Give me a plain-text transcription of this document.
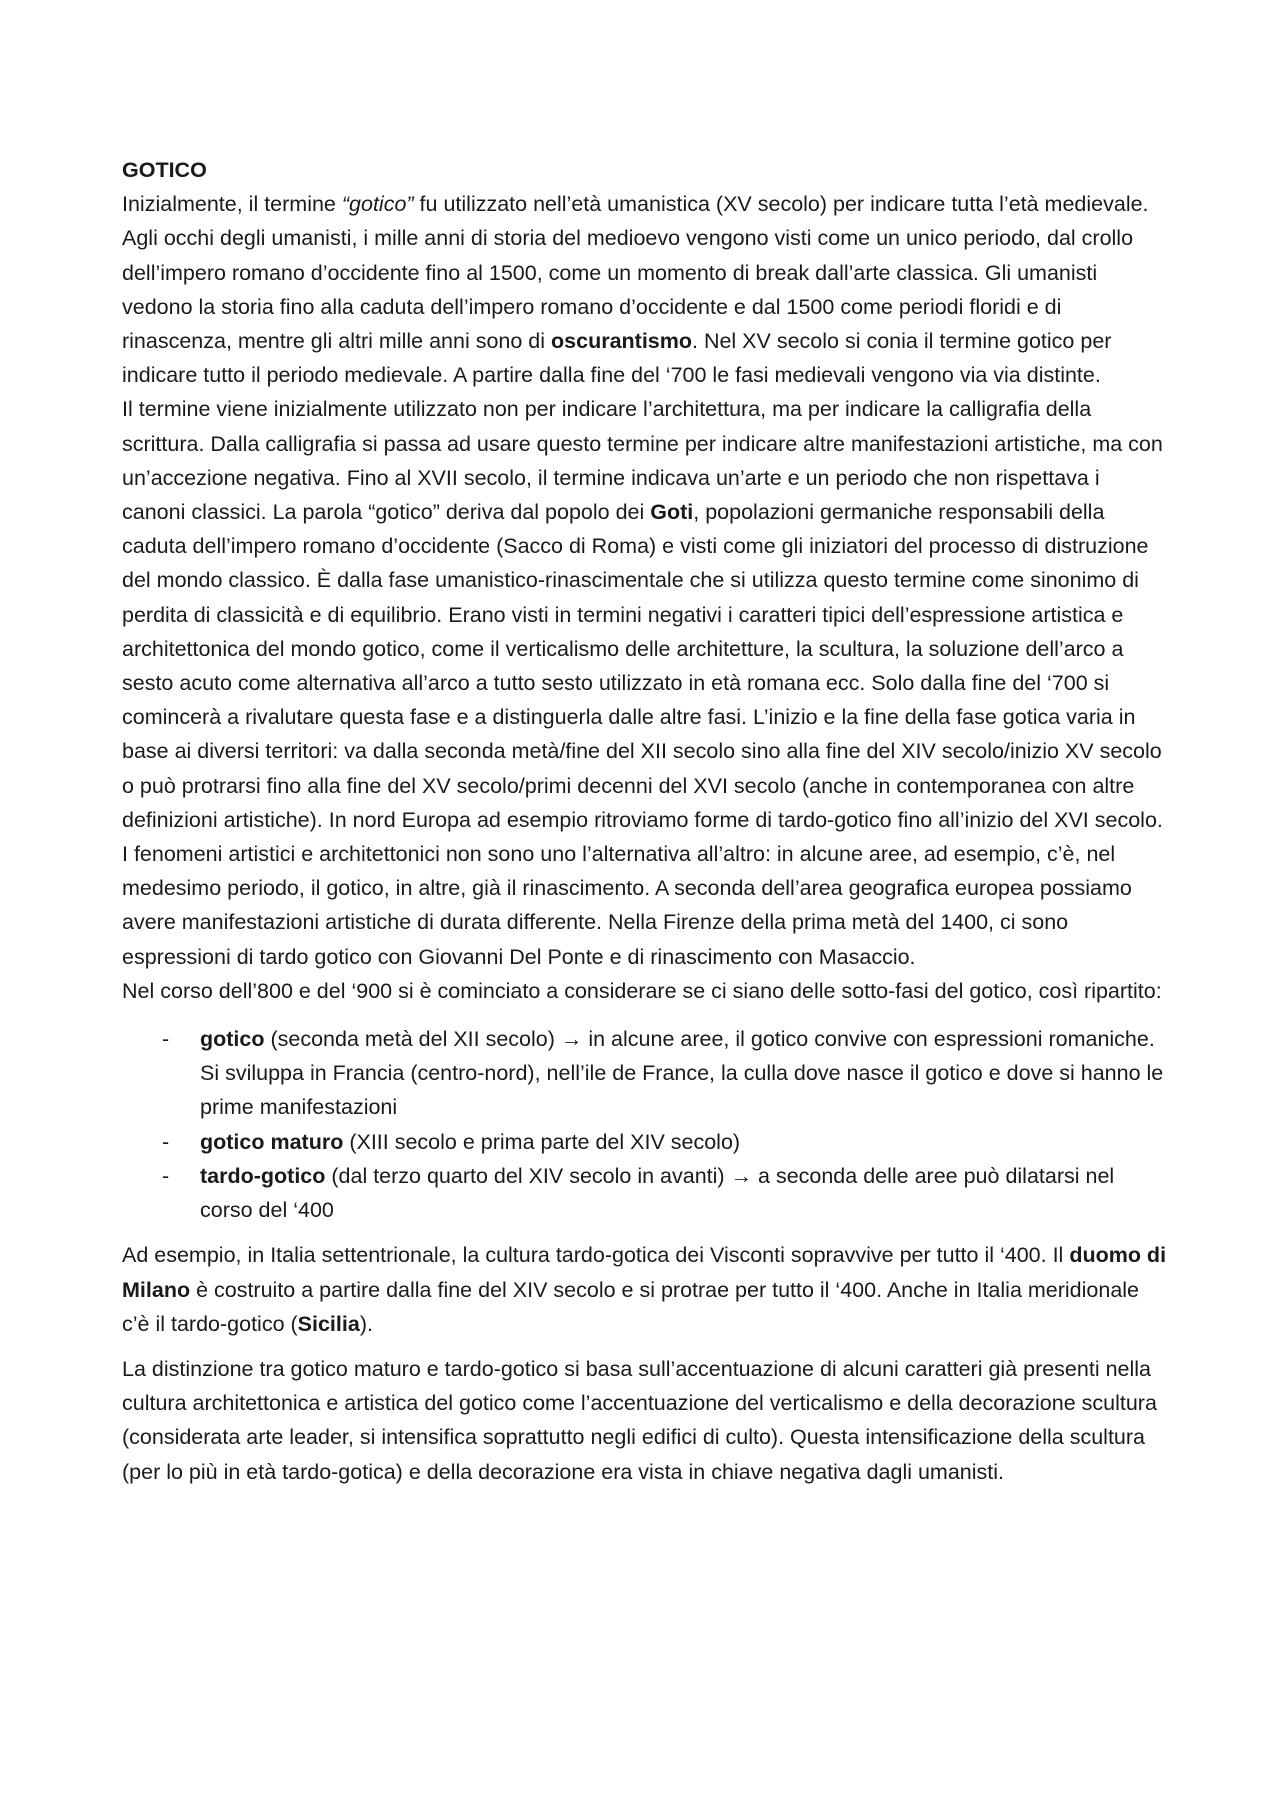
GOTICO

Inizialmente, il termine “gotico” fu utilizzato nell’età umanistica (XV secolo) per indicare tutta l’età medievale. Agli occhi degli umanisti, i mille anni di storia del medioevo vengono visti come un unico periodo, dal crollo dell’impero romano d’occidente fino al 1500, come un momento di break dall’arte classica. Gli umanisti vedono la storia fino alla caduta dell’impero romano d’occidente e dal 1500 come periodi floridi e di rinascenza, mentre gli altri mille anni sono di oscurantismo. Nel XV secolo si conia il termine gotico per indicare tutto il periodo medievale. A partire dalla fine del ‘700 le fasi medievali vengono via via distinte.

Il termine viene inizialmente utilizzato non per indicare l’architettura, ma per indicare la calligrafia della scrittura. Dalla calligrafia si passa ad usare questo termine per indicare altre manifestazioni artistiche, ma con un’accezione negativa. Fino al XVII secolo, il termine indicava un’arte e un periodo che non rispettava i canoni classici. La parola “gotico” deriva dal popolo dei Goti, popolazioni germaniche responsabili della caduta dell’impero romano d’occidente (Sacco di Roma) e visti come gli iniziatori del processo di distruzione del mondo classico. È dalla fase umanistico-rinascimentale che si utilizza questo termine come sinonimo di perdita di classicità e di equilibrio. Erano visti in termini negativi i caratteri tipici dell’espressione artistica e architettonica del mondo gotico, come il verticalismo delle architetture, la scultura, la soluzione dell’arco a sesto acuto come alternativa all’arco a tutto sesto utilizzato in età romana ecc. Solo dalla fine del ‘700 si comincerà a rivalutare questa fase e a distinguerla dalle altre fasi. L’inizio e la fine della fase gotica varia in base ai diversi territori: va dalla seconda metà/fine del XII secolo sino alla fine del XIV secolo/inizio XV secolo o può protrarsi fino alla fine del XV secolo/primi decenni del XVI secolo (anche in contemporanea con altre definizioni artistiche). In nord Europa ad esempio ritroviamo forme di tardo-gotico fino all’inizio del XVI secolo. I fenomeni artistici e architettonici non sono uno l’alternativa all’altro: in alcune aree, ad esempio, c’è, nel medesimo periodo, il gotico, in altre, già il rinascimento. A seconda dell’area geografica europea possiamo avere manifestazioni artistiche di durata differente. Nella Firenze della prima metà del 1400, ci sono espressioni di tardo gotico con Giovanni Del Ponte e di rinascimento con Masaccio.

Nel corso dell’800 e del ‘900 si è cominciato a considerare se ci siano delle sotto-fasi del gotico, così ripartito:

- gotico (seconda metà del XII secolo) → in alcune aree, il gotico convive con espressioni romaniche. Si sviluppa in Francia (centro-nord), nell’ile de France, la culla dove nasce il gotico e dove si hanno le prime manifestazioni
- gotico maturo (XIII secolo e prima parte del XIV secolo)
- tardo-gotico (dal terzo quarto del XIV secolo in avanti) → a seconda delle aree può dilatarsi nel corso del ‘400

Ad esempio, in Italia settentrionale, la cultura tardo-gotica dei Visconti sopravvive per tutto il ‘400. Il duomo di Milano è costruito a partire dalla fine del XIV secolo e si protrae per tutto il ‘400. Anche in Italia meridionale c’è il tardo-gotico (Sicilia).

La distinzione tra gotico maturo e tardo-gotico si basa sull’accentuazione di alcuni caratteri già presenti nella cultura architettonica e artistica del gotico come l’accentuazione del verticalismo e della decorazione scultura (considerata arte leader, si intensifica soprattutto negli edifici di culto). Questa intensificazione della scultura (per lo più in età tardo-gotica) e della decorazione era vista in chiave negativa dagli umanisti.
